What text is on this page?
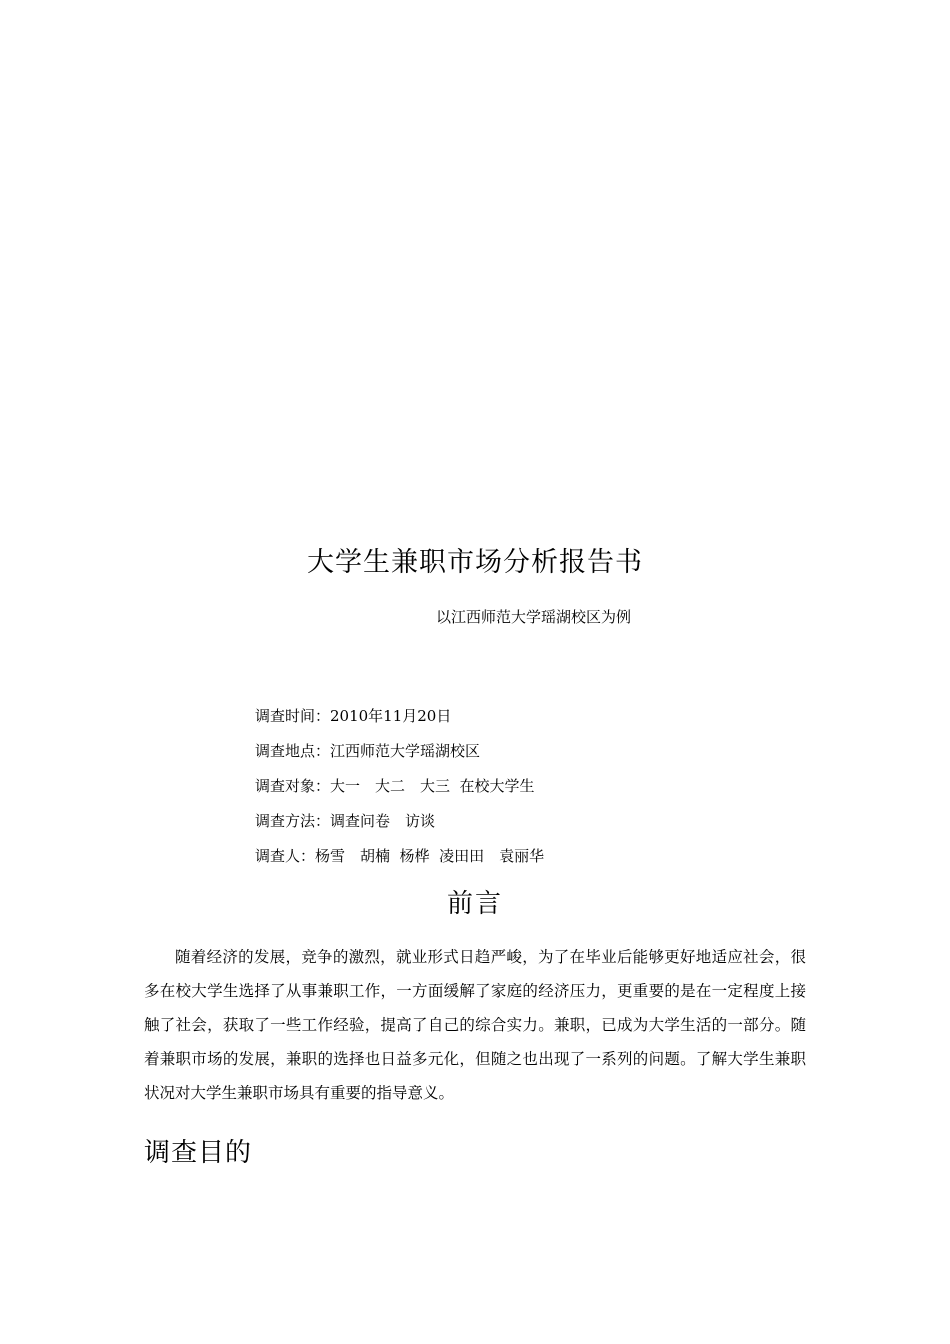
大学生兼职市场分析报告书
以江西师范大学瑶湖校区为例
调查时间：2010年11月20日
调查地点：江西师范大学瑶湖校区
调查对象：大一　大二　大三  在校大学生
调查方法：调查问卷　访谈
调查人：杨雪　胡楠  杨桦  凌田田　袁丽华
前言
随着经济的发展，竞争的激烈，就业形式日趋严峻，为了在毕业后能够更好地适应社会，很多在校大学生选择了从事兼职工作，一方面缓解了家庭的经济压力，更重要的是在一定程度上接触了社会，获取了一些工作经验，提高了自己的综合实力。兼职，已成为大学生活的一部分。随着兼职市场的发展，兼职的选择也日益多元化，但随之也出现了一系列的问题。了解大学生兼职状况对大学生兼职市场具有重要的指导意义。
调查目的
